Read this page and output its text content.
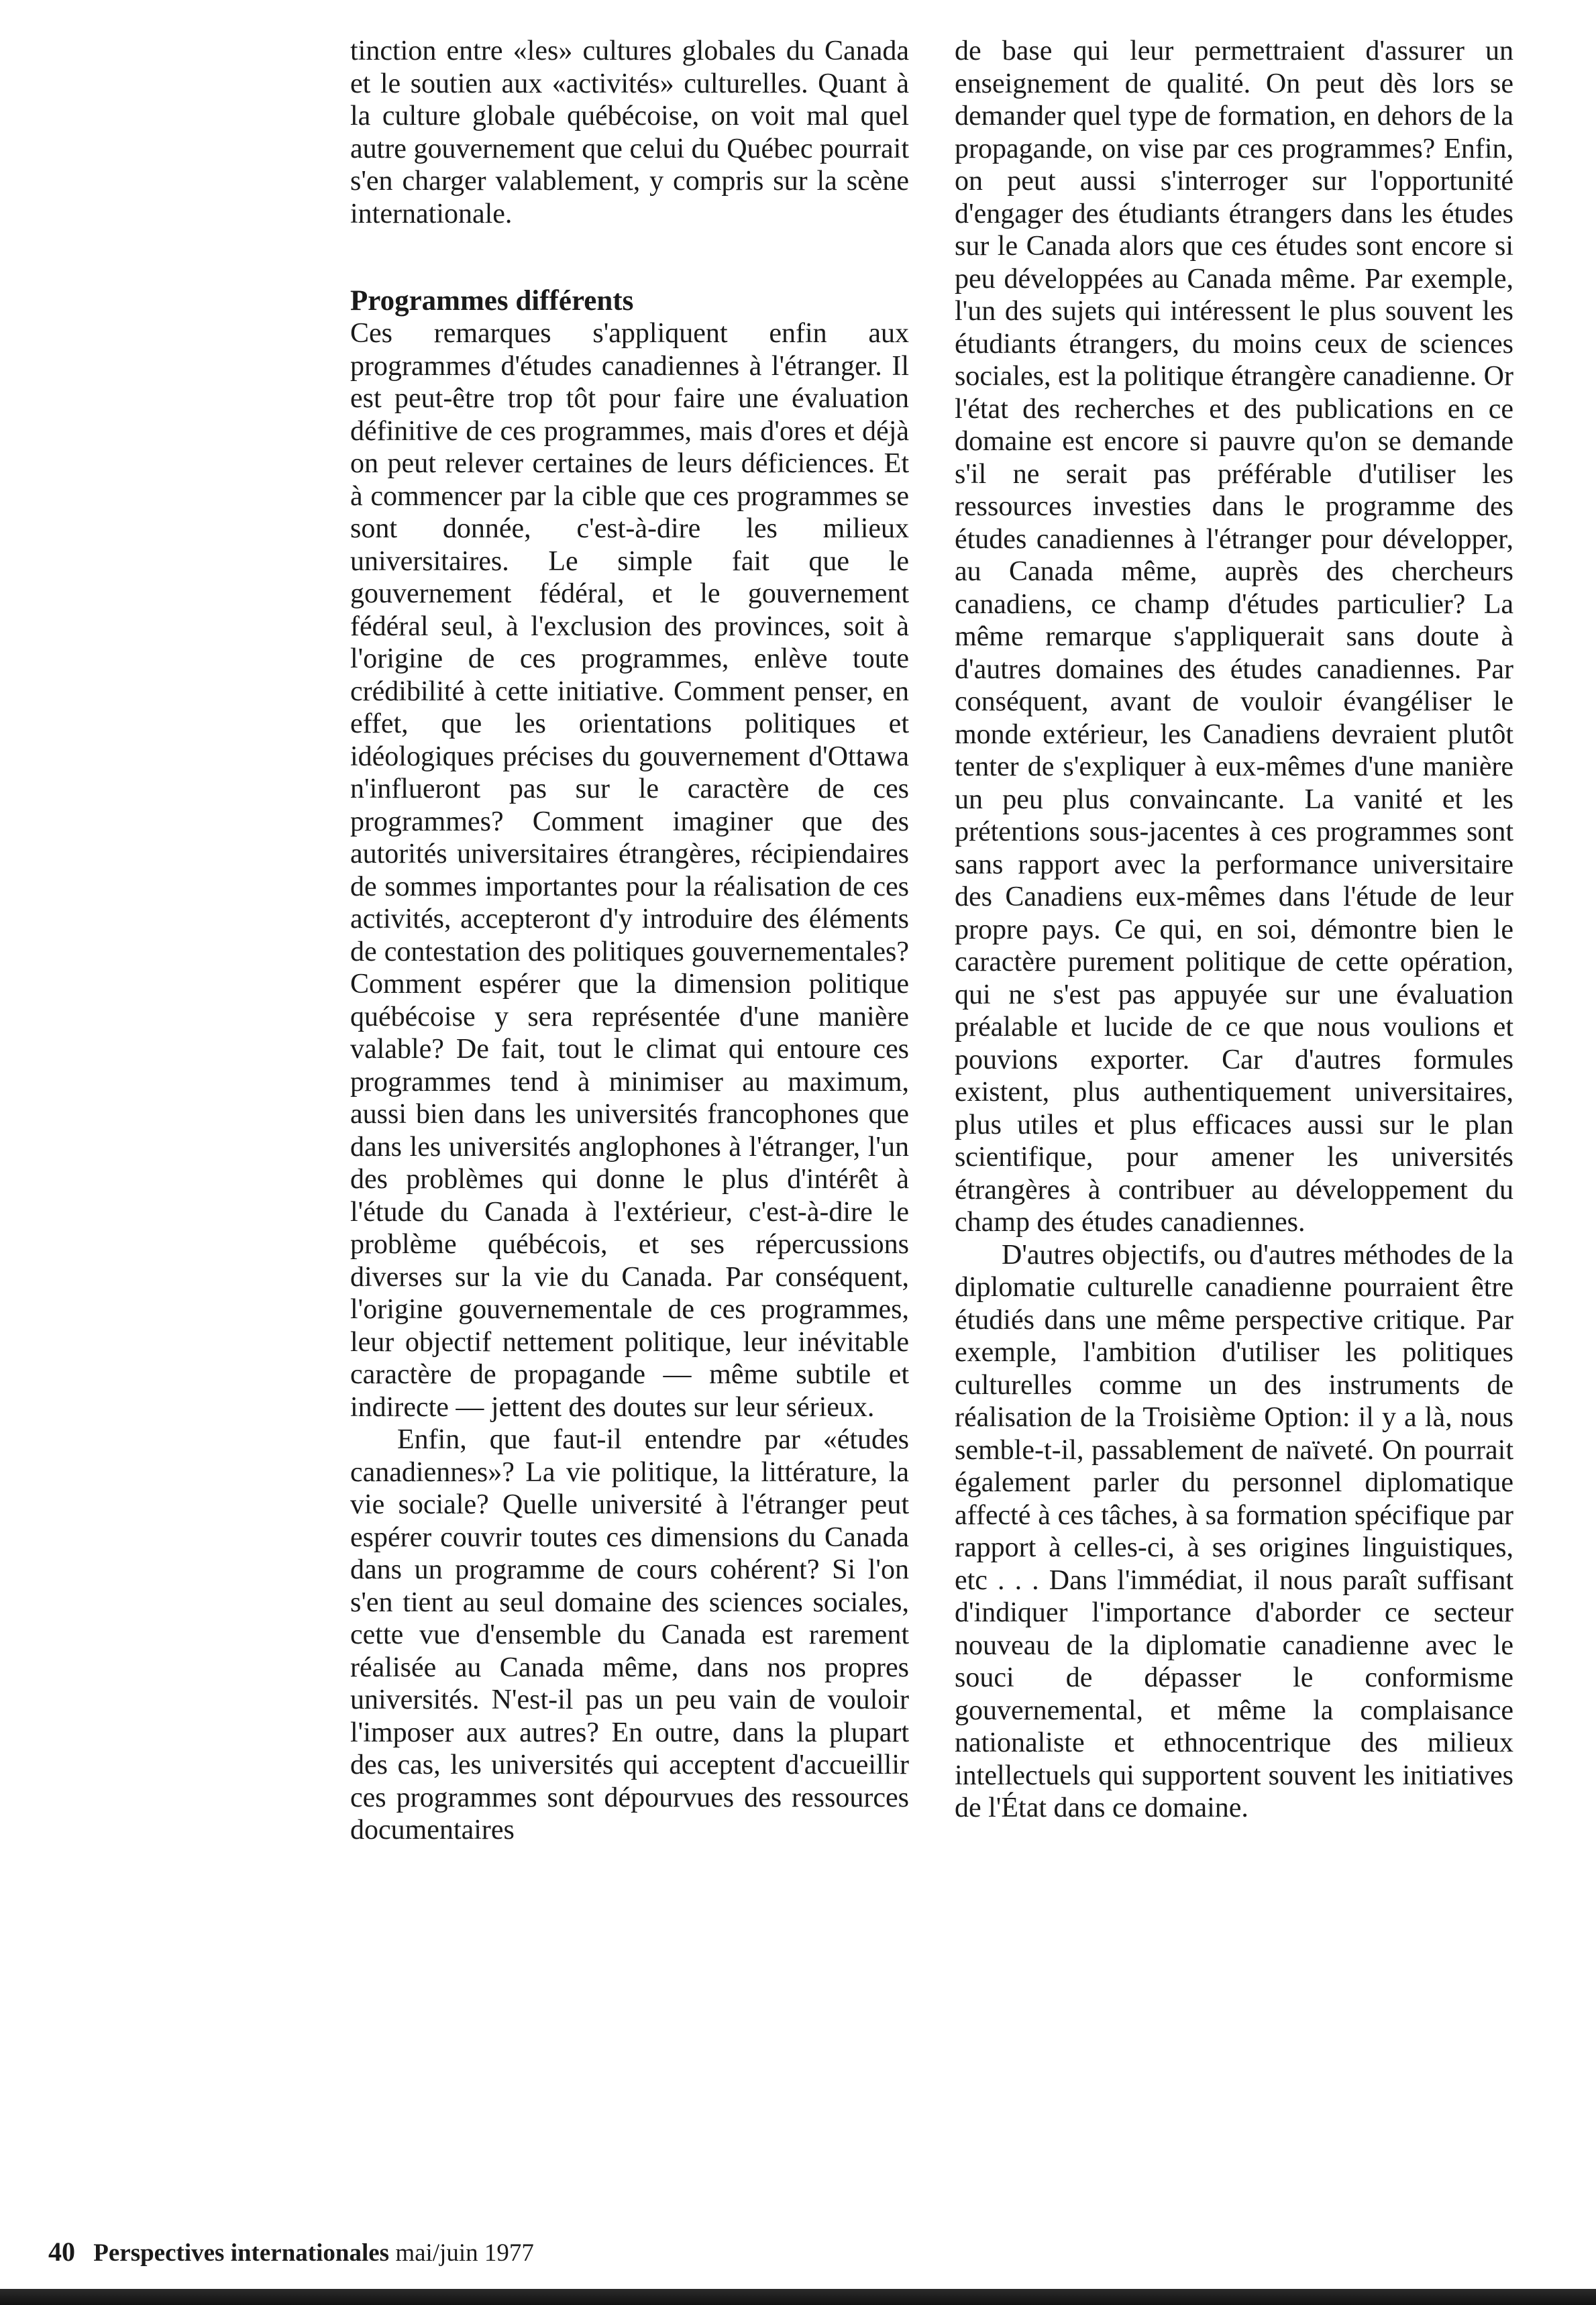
tinction entre «les» cultures globales du Canada et le soutien aux «activités» culturelles. Quant à la culture globale québécoise, on voit mal quel autre gouvernement que celui du Québec pourrait s'en charger valablement, y compris sur la scène internationale.

Programmes différents

Ces remarques s'appliquent enfin aux programmes d'études canadiennes à l'étranger. Il est peut-être trop tôt pour faire une évaluation définitive de ces programmes, mais d'ores et déjà on peut relever certaines de leurs déficiences. Et à commencer par la cible que ces programmes se sont donnée, c'est-à-dire les milieux universitaires. Le simple fait que le gouvernement fédéral, et le gouvernement fédéral seul, à l'exclusion des provinces, soit à l'origine de ces programmes, enlève toute crédibilité à cette initiative. Comment penser, en effet, que les orientations politiques et idéologiques précises du gouvernement d'Ottawa n'influeront pas sur le caractère de ces programmes? Comment imaginer que des autorités universitaires étrangères, récipiendaires de sommes importantes pour la réalisation de ces activités, accepteront d'y introduire des éléments de contestation des politiques gouvernementales? Comment espérer que la dimension politique québécoise y sera représentée d'une manière valable? De fait, tout le climat qui entoure ces programmes tend à minimiser au maximum, aussi bien dans les universités francophones que dans les universités anglophones à l'étranger, l'un des problèmes qui donne le plus d'intérêt à l'étude du Canada à l'extérieur, c'est-à-dire le problème québécois, et ses répercussions diverses sur la vie du Canada. Par conséquent, l'origine gouvernementale de ces programmes, leur objectif nettement politique, leur inévitable caractère de propagande — même subtile et indirecte — jettent des doutes sur leur sérieux.

Enfin, que faut-il entendre par «études canadiennes»? La vie politique, la littérature, la vie sociale? Quelle université à l'étranger peut espérer couvrir toutes ces dimensions du Canada dans un programme de cours cohérent? Si l'on s'en tient au seul domaine des sciences sociales, cette vue d'ensemble du Canada est rarement réalisée au Canada même, dans nos propres universités. N'est-il pas un peu vain de vouloir l'imposer aux autres? En outre, dans la plupart des cas, les universités qui acceptent d'accueillir ces programmes sont dépourvues des ressources documentaires

de base qui leur permettraient d'assurer un enseignement de qualité. On peut dès lors se demander quel type de formation, en dehors de la propagande, on vise par ces programmes? Enfin, on peut aussi s'interroger sur l'opportunité d'engager des étudiants étrangers dans les études sur le Canada alors que ces études sont encore si peu développées au Canada même. Par exemple, l'un des sujets qui intéressent le plus souvent les étudiants étrangers, du moins ceux de sciences sociales, est la politique étrangère canadienne. Or l'état des recherches et des publications en ce domaine est encore si pauvre qu'on se demande s'il ne serait pas préférable d'utiliser les ressources investies dans le programme des études canadiennes à l'étranger pour développer, au Canada même, auprès des chercheurs canadiens, ce champ d'études particulier? La même remarque s'appliquerait sans doute à d'autres domaines des études canadiennes. Par conséquent, avant de vouloir évangéliser le monde extérieur, les Canadiens devraient plutôt tenter de s'expliquer à eux-mêmes d'une manière un peu plus convaincante. La vanité et les prétentions sous-jacentes à ces programmes sont sans rapport avec la performance universitaire des Canadiens eux-mêmes dans l'étude de leur propre pays. Ce qui, en soi, démontre bien le caractère purement politique de cette opération, qui ne s'est pas appuyée sur une évaluation préalable et lucide de ce que nous voulions et pouvions exporter. Car d'autres formules existent, plus authentiquement universitaires, plus utiles et plus efficaces aussi sur le plan scientifique, pour amener les universités étrangères à contribuer au développement du champ des études canadiennes.

D'autres objectifs, ou d'autres méthodes de la diplomatie culturelle canadienne pourraient être étudiés dans une même perspective critique. Par exemple, l'ambition d'utiliser les politiques culturelles comme un des instruments de réalisation de la Troisième Option: il y a là, nous semble-t-il, passablement de naïveté. On pourrait également parler du personnel diplomatique affecté à ces tâches, à sa formation spécifique par rapport à celles-ci, à ses origines linguistiques, etc . . . Dans l'immédiat, il nous paraît suffisant d'indiquer l'importance d'aborder ce secteur nouveau de la diplomatie canadienne avec le souci de dépasser le conformisme gouvernemental, et même la complaisance nationaliste et ethnocentrique des milieux intellectuels qui supportent souvent les initiatives de l'État dans ce domaine.

40 Perspectives internationales mai/juin 1977
